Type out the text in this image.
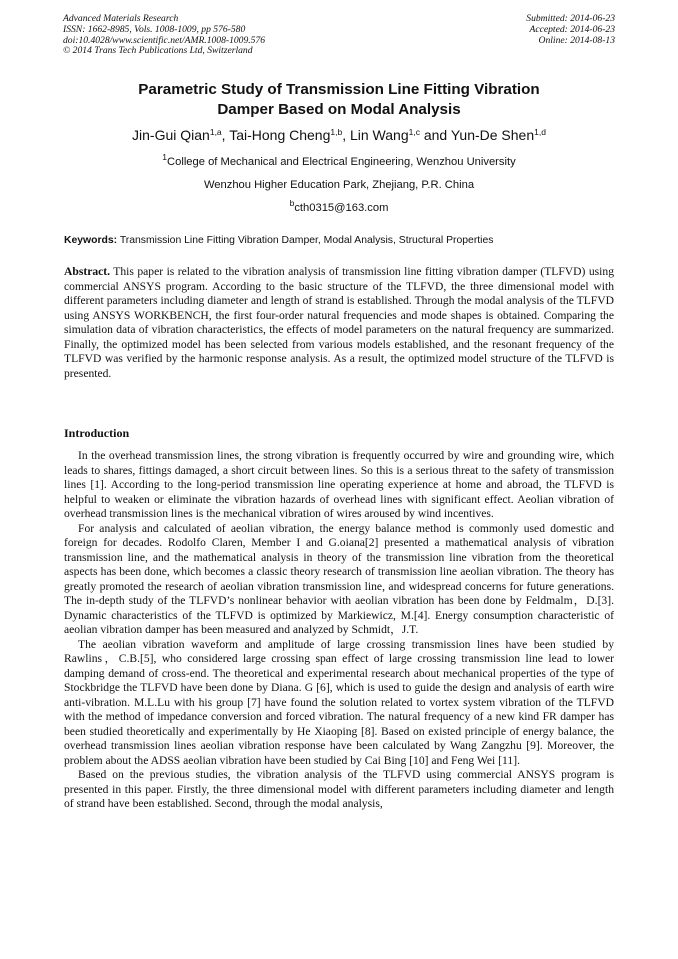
Advanced Materials Research
ISSN: 1662-8985, Vols. 1008-1009, pp 576-580
doi:10.4028/www.scientific.net/AMR.1008-1009.576
© 2014 Trans Tech Publications Ltd, Switzerland
Submitted: 2014-06-23
Accepted: 2014-06-23
Online: 2014-08-13
Parametric Study of Transmission Line Fitting Vibration
Damper Based on Modal Analysis
Jin-Gui Qian$^{1,a}$, Tai-Hong Cheng$^{1,b}$, Lin Wang$^{1,c}$ and Yun-De Shen$^{1,d}$
$^1$College of Mechanical and Electrical Engineering, Wenzhou University
Wenzhou Higher Education Park, Zhejiang, P.R. China
$^b$cth0315@163.com
Keywords: Transmission Line Fitting Vibration Damper, Modal Analysis, Structural Properties

Abstract. This paper is related to the vibration analysis of transmission line fitting vibration damper (TLFVD) using commercial ANSYS program. According to the basic structure of the TLFVD, the three dimensional model with different parameters including diameter and length of strand is established. Through the modal analysis of the TLFVD using ANSYS WORKBENCH, the first four-order natural frequencies and mode shapes is obtained. Comparing the simulation data of vibration characteristics, the effects of model parameters on the natural frequency are summarized. Finally, the optimized model has been selected from various models established, and the resonant frequency of the TLFVD was verified by the harmonic response analysis. As a result, the optimized model structure of the TLFVD is presented.

Introduction

In the overhead transmission lines, the strong vibration is frequently occurred by wire and grounding wire, which leads to shares, fittings damaged, a short circuit between lines. So this is a serious threat to the safety of transmission lines [1]. According to the long-period transmission line operating experience at home and abroad, the TLFVD is helpful to weaken or eliminate the vibration hazards of overhead lines with significant effect. Aeolian vibration of overhead transmission lines is the mechanical vibration of wires aroused by wind incentives.

For analysis and calculated of aeolian vibration, the energy balance method is commonly used domestic and foreign for decades. Rodolfo Claren, Member I and G.oiana[2] presented a mathematical analysis of vibration transmission line, and the mathematical analysis in theory of the transmission line vibration from the theoretical aspects has been done, which becomes a classic theory research of transmission line aeolian vibration. The theory has greatly promoted the research of aeolian vibration transmission line, and widespread concerns for future generations. The in-depth study of the TLFVD’s nonlinear behavior with aeolian vibration has been done by Feldmalm，D.[3]. Dynamic characteristics of the TLFVD is optimized by Markiewicz, M.[4]. Energy consumption characteristic of aeolian vibration damper has been measured and analyzed by Schmidt，J.T.

The aeolian vibration waveform and amplitude of large crossing transmission lines have been studied by Rawlins，C.B.[5], who considered large crossing span effect of large crossing transmission line lead to lower damping demand of cross-end. The theoretical and experimental research about mechanical properties of the type of Stockbridge the TLFVD have been done by Diana. G [6], which is used to guide the design and analysis of earth wire anti-vibration. M.L.Lu with his group [7] have found the solution related to vortex system vibration of the TLFVD with the method of impedance conversion and forced vibration. The natural frequency of a new kind FR damper has been studied theoretically and experimentally by He Xiaoping [8]. Based on existed principle of energy balance, the overhead transmission lines aeolian vibration response have been calculated by Wang Zangzhu [9]. Moreover, the problem about the ADSS aeolian vibration have been studied by Cai Bing [10] and Feng Wei [11].

Based on the previous studies, the vibration analysis of the TLFVD using commercial ANSYS program is presented in this paper. Firstly, the three dimensional model with different parameters including diameter and length of strand have been established. Second, through the modal analysis,
